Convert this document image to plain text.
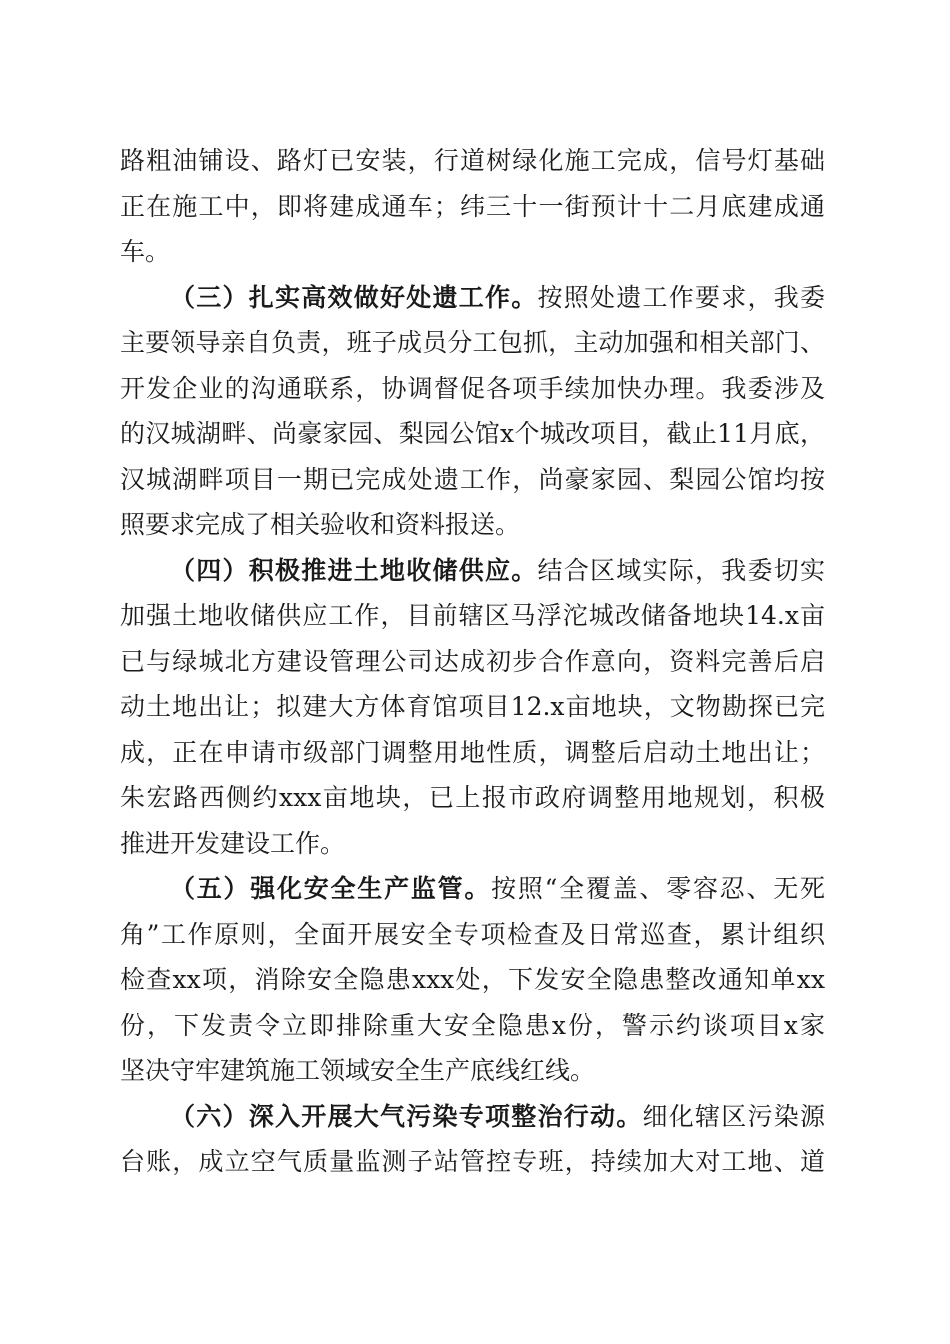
路粗油铺设、路灯已安装，行道树绿化施工完成，信号灯基础
正在施工中，即将建成通车；纬三十一街预计十二月底建成通
车。
（三）扎实高效做好处遗工作。按照处遗工作要求，我委
主要领导亲自负责，班子成员分工包抓，主动加强和相关部门、
开发企业的沟通联系，协调督促各项手续加快办理。我委涉及
的汉城湖畔、尚豪家园、梨园公馆x个城改项目，截止11月底，
汉城湖畔项目一期已完成处遗工作，尚豪家园、梨园公馆均按
照要求完成了相关验收和资料报送。
（四）积极推进土地收储供应。结合区域实际，我委切实
加强土地收储供应工作，目前辖区马浮沱城改储备地块14.x亩
已与绿城北方建设管理公司达成初步合作意向，资料完善后启
动土地出让；拟建大方体育馆项目12.x亩地块，文物勘探已完
成，正在申请市级部门调整用地性质，调整后启动土地出让；
朱宏路西侧约xxx亩地块，已上报市政府调整用地规划，积极
推进开发建设工作。
（五）强化安全生产监管。按照“全覆盖、零容忍、无死
角”工作原则，全面开展安全专项检查及日常巡查，累计组织
检查xx项，消除安全隐患xxx处，下发安全隐患整改通知单xx
份，下发责令立即排除重大安全隐患x份，警示约谈项目x家
坚决守牢建筑施工领域安全生产底线红线。
（六）深入开展大气污染专项整治行动。细化辖区污染源
台账，成立空气质量监测子站管控专班，持续加大对工地、道
